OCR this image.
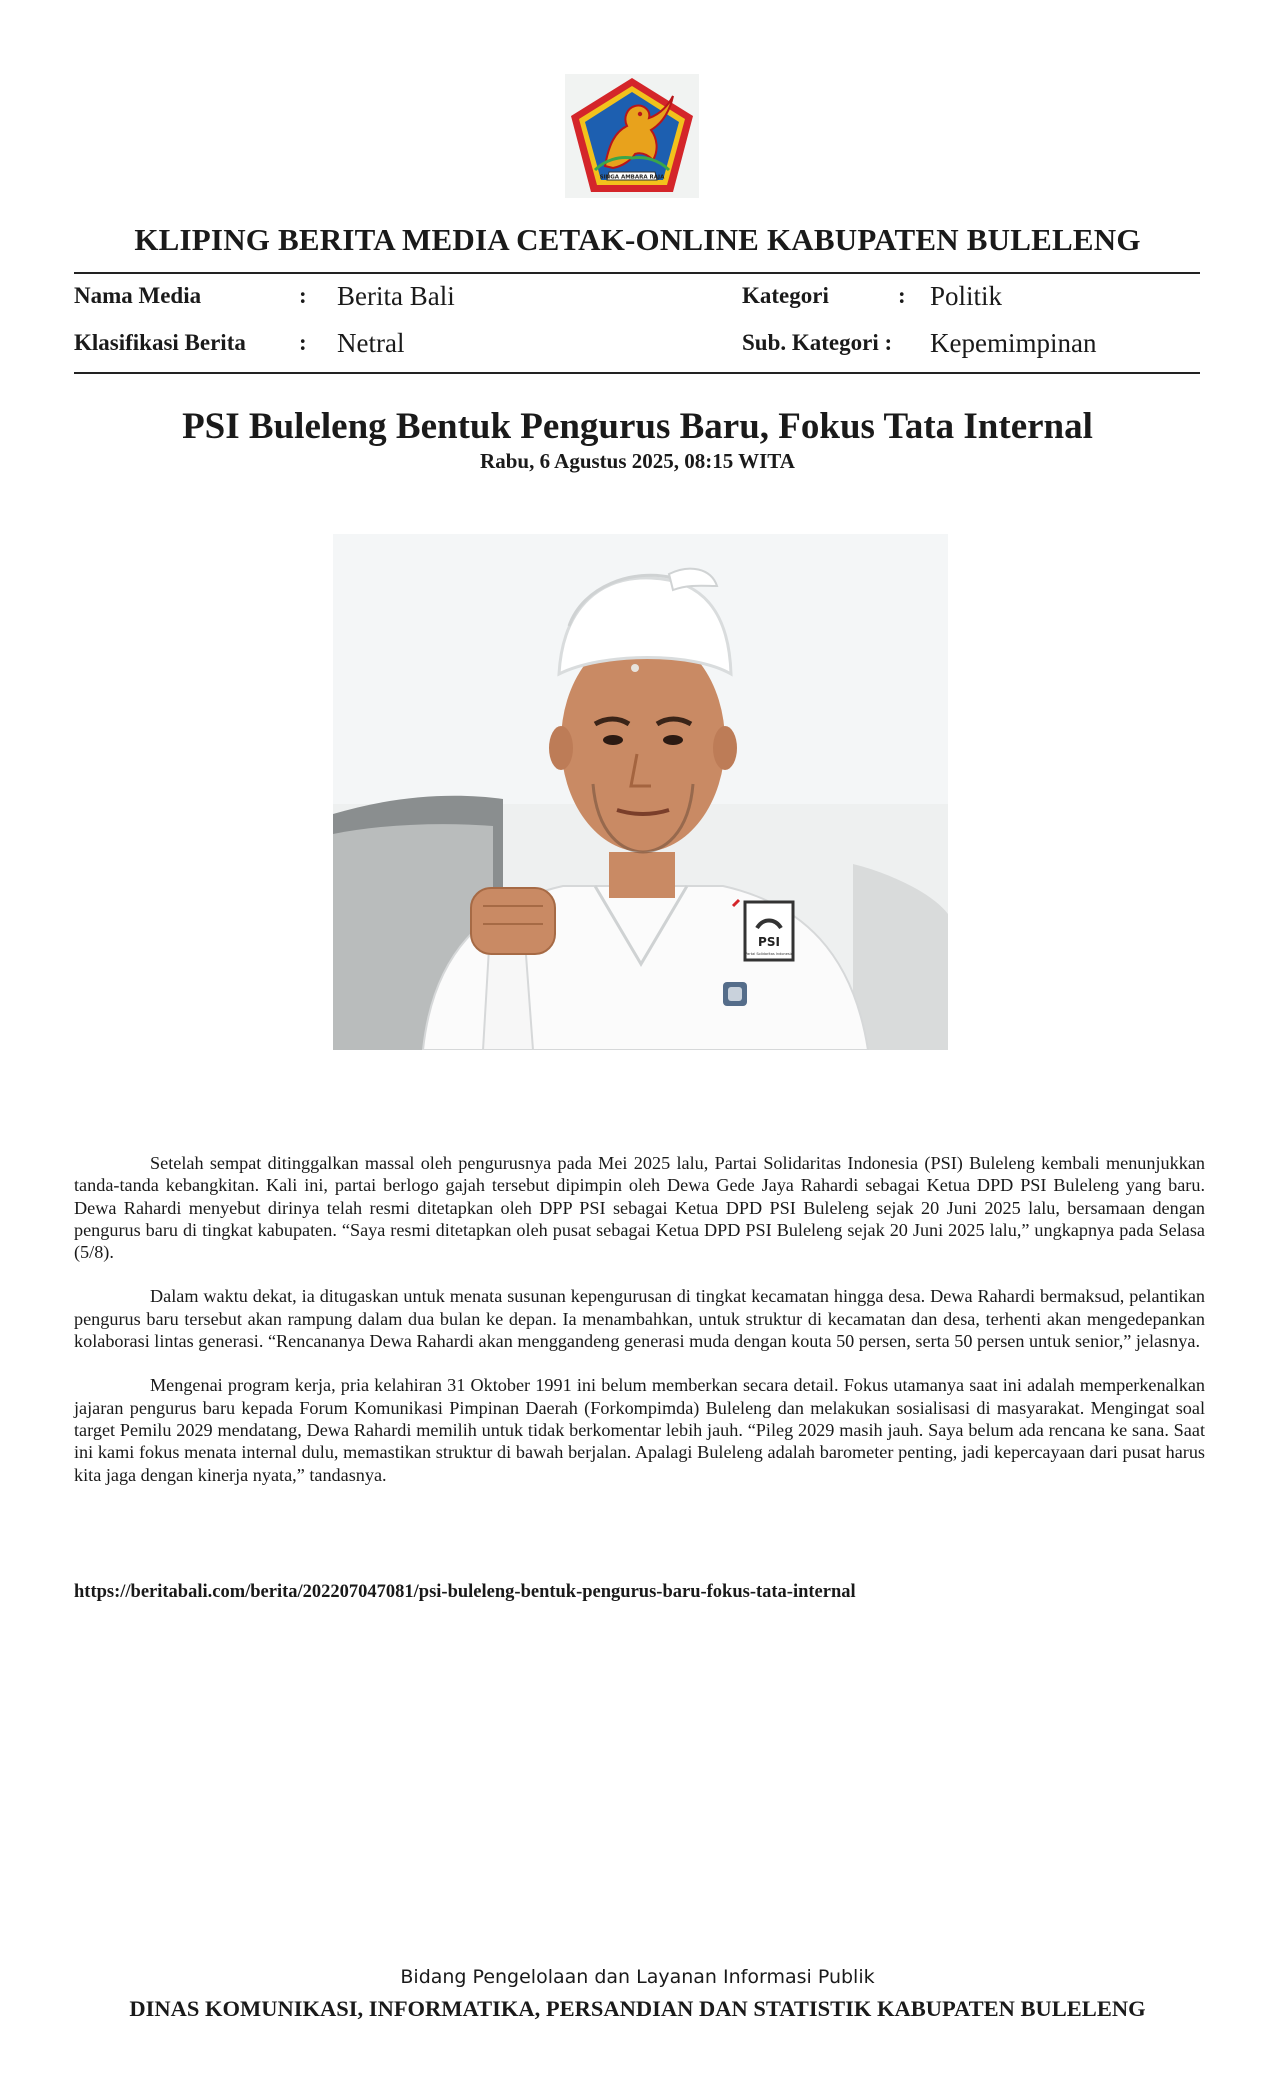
SINGA AMBARA RAJA
KLIPING BERITA MEDIA CETAK-ONLINE KABUPATEN BULELENG
Nama Media	: Berita Bali
Klasifikasi Berita : Netral
Kategori	: Politik
Sub. Kategori : Kepemimpinan
PSI Buleleng Bentuk Pengurus Baru, Fokus Tata Internal
Rabu, 6 Agustus 2025, 08:15 WITA
PSI
Partai Solidaritas Indonesia

Setelah sempat ditinggalkan massal oleh pengurusnya pada Mei 2025 lalu, Partai Solidaritas Indonesia (PSI) Buleleng kembali menunjukkan tanda-tanda kebangkitan. Kali ini, partai berlogo gajah tersebut dipimpin oleh Dewa Gede Jaya Rahardi sebagai Ketua DPD PSI Buleleng yang baru. Dewa Rahardi menyebut dirinya telah resmi ditetapkan oleh DPP PSI sebagai Ketua DPD PSI Buleleng sejak 20 Juni 2025 lalu, bersamaan dengan pengurus baru di tingkat kabupaten. “Saya resmi ditetapkan oleh pusat sebagai Ketua DPD PSI Buleleng sejak 20 Juni 2025 lalu,” ungkapnya pada Selasa (5/8).

Dalam waktu dekat, ia ditugaskan untuk menata susunan kepengurusan di tingkat kecamatan hingga desa. Dewa Rahardi bermaksud, pelantikan pengurus baru tersebut akan rampung dalam dua bulan ke depan. Ia menambahkan, untuk struktur di kecamatan dan desa, terhenti akan mengedepankan kolaborasi lintas generasi. “Rencananya Dewa Rahardi akan menggandeng generasi muda dengan kouta 50 persen, serta 50 persen untuk senior,” jelasnya.

Mengenai program kerja, pria kelahiran 31 Oktober 1991 ini belum memberkan secara detail. Fokus utamanya saat ini adalah memperkenalkan jajaran pengurus baru kepada Forum Komunikasi Pimpinan Daerah (Forkompimda) Buleleng dan melakukan sosialisasi di masyarakat. Mengingat soal target Pemilu 2029 mendatang, Dewa Rahardi memilih untuk tidak berkomentar lebih jauh. “Pileg 2029 masih jauh. Saya belum ada rencana ke sana. Saat ini kami fokus menata internal dulu, memastikan struktur di bawah berjalan. Apalagi Buleleng adalah barometer penting, jadi kepercayaan dari pusat harus kita jaga dengan kinerja nyata,” tandasnya.

https://beritabali.com/berita/202207047081/psi-buleleng-bentuk-pengurus-baru-fokus-tata-internal
Bidang Pengelolaan dan Layanan Informasi Publik
DINAS KOMUNIKASI, INFORMATIKA, PERSANDIAN DAN STATISTIK KABUPATEN BULELENG
